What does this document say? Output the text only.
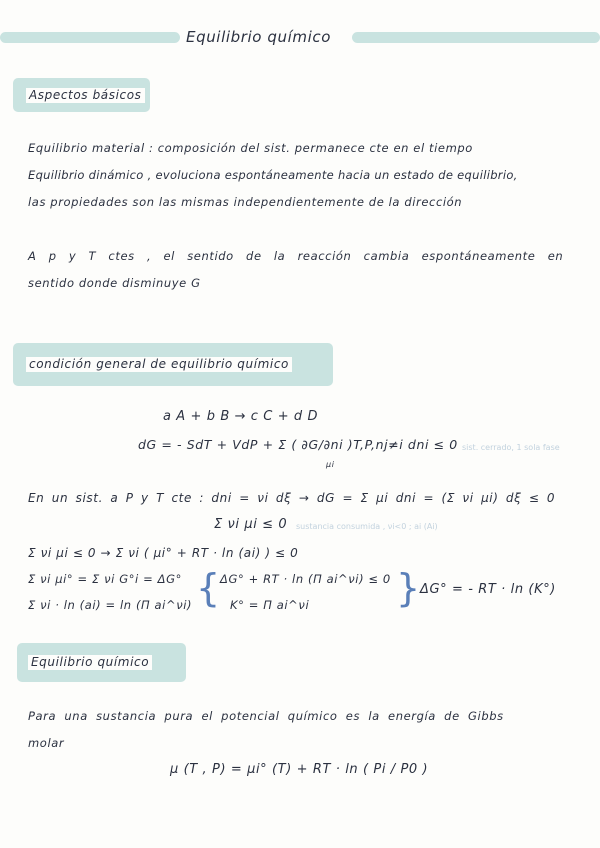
Equilibrio químico
Aspectos básicos
Equilibrio material : composición del sist. permanece cte en el tiempo
Equilibrio dinámico , evoluciona espontáneamente hacia un estado de equilibrio,
las propiedades son las mismas independientemente de la dirección
A p y T ctes , el sentido de la reacción cambia espontáneamente en
sentido donde disminuye G
condición general de equilibrio químico
a A + b B → c C + d D
dG = - SdT + VdP + Σ ( ∂G/∂ni )T,P,nj≠i dni ≤ 0 sist. cerrado, 1 sola fase
μi
En un sist. a P y T cte : dni = νi dξ → dG = Σ μi dni = (Σ νi μi) dξ ≤ 0
Σ νi μi ≤ 0 sustancia consumida , νi<0 ; ai (Ai)
Σ νi μi ≤ 0 → Σ νi ( μi° + RT · ln (ai) ) ≤ 0
Σ νi μi° = Σ νi G°i = ΔG°
Σ νi · ln (ai) = ln (Π ai^νi) { ΔG° + RT · ln (Π ai^νi) ≤ 0
K° = Π ai^νi } ΔG° = - RT · ln (K°)
Equilibrio químico
Para una sustancia pura el potencial químico es la energía de Gibbs
molar
μ (T , P) = μi° (T) + RT · ln ( Pi / P0 )
